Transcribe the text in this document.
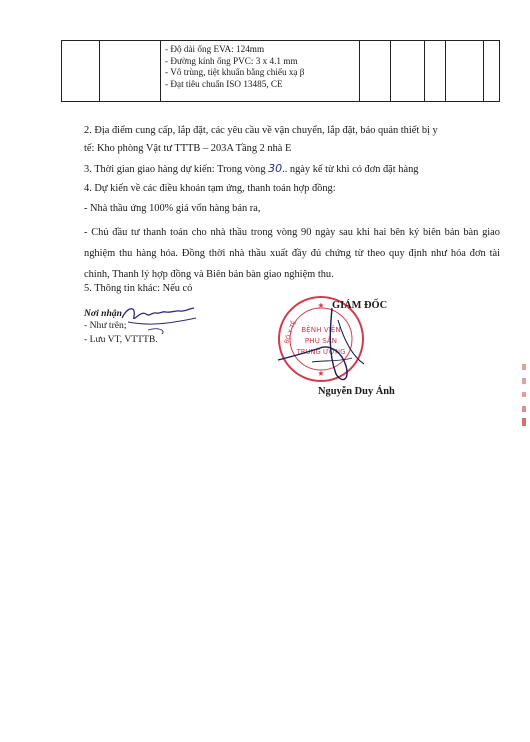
- Độ dài ống EVA: 124mm
- Đường kính ống PVC: 3 x 4.1 mm
- Vô trùng, tiệt khuẩn bằng chiếu xạ β
- Đạt tiêu chuẩn ISO 13485, CE

2. Địa điểm cung cấp, lắp đặt, các yêu cầu về vận chuyển, lắp đặt, bảo quản thiết bị y

tế: Kho phòng Vật tư TTTB – 203A Tầng 2 nhà E

3. Thời gian giao hàng dự kiến: Trong vòng 30.. ngày kể từ khi có đơn đặt hàng

4. Dự kiến về các điều khoản tạm ứng, thanh toán hợp đồng:

- Nhà thầu ứng 100% giá vốn hàng bán ra,

- Chủ đầu tư thanh toán cho nhà thầu trong vòng 90 ngày sau khi hai bên ký biên bản bàn giao nghiệm thu hàng hóa. Đồng thời nhà thầu xuất đầy đủ chứng từ theo quy định như hóa đơn tài chính, Thanh lý hợp đồng và Biên bản bàn giao nghiệm thu.

5. Thông tin khác: Nếu có

Nơi nhận

- Như trên;

- Lưu VT, VTTTB.	BỘ Y TẾ
★
BỆNH VIỆN
PHỤ SẢN
TRUNG ƯƠNG
★
GIÁM ĐỐC
Nguyễn Duy Ánh
